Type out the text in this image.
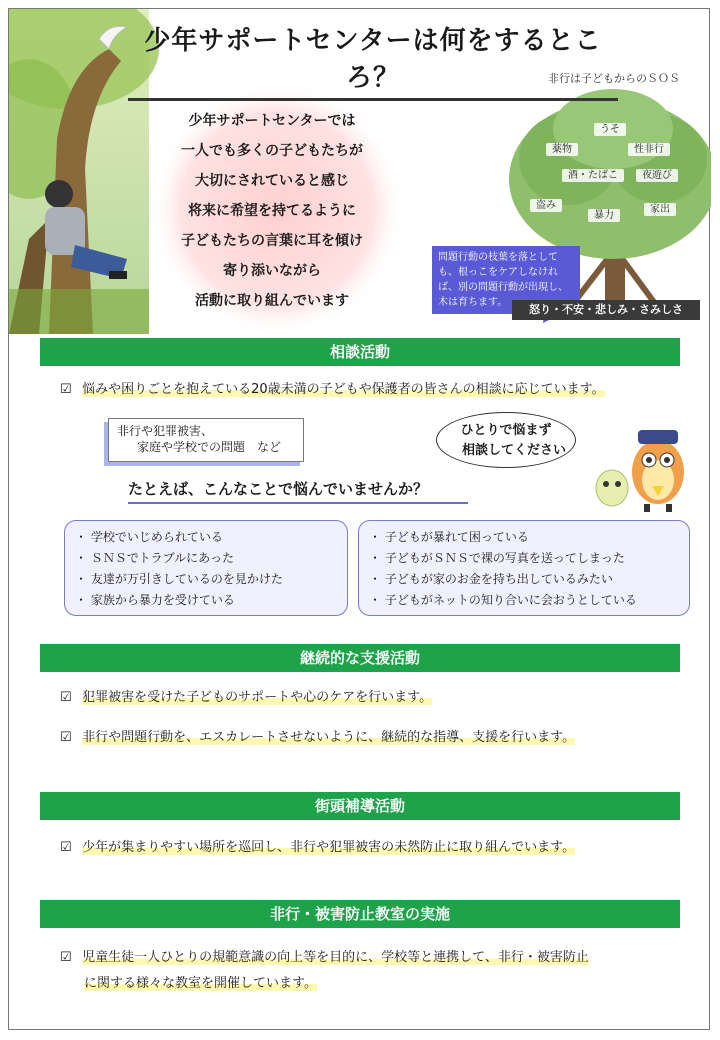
少年サポートセンターは何をするところ？	非行は子どもからのＳＯＳ
少年サポートセンターでは
一人でも多くの子どもたちが
大切にされていると感じ
将来に希望を持てるように
子どもたちの言葉に耳を傾け
寄り添いながら
活動に取り組んでいます
うそ
薬物	性非行
酒・たばこ	夜遊び
盗み
暴力
家出
問題行動の枝葉を落としても、根っこをケアしなければ、別の問題行動が出現し、木は育ちます。
怒り・不安・悲しみ・さみしさ
相談活動
☑ 悩みや困りごとを抱えている20歳未満の子どもや保護者の皆さんの相談に応じています。
非行や犯罪被害、
家庭や学校での問題　など
ひとりで悩まず
相談してください
たとえば、こんなことで悩んでいませんか？
・ 学校でいじめられている
・ ＳＮＳでトラブルにあった
・ 友達が万引きしているのを見かけた
・ 家族から暴力を受けている
・ 子どもが暴れて困っている
・ 子どもがＳＮＳで裸の写真を送ってしまった
・ 子どもが家のお金を持ち出しているみたい
・ 子どもがネットの知り合いに会おうとしている
継続的な支援活動
☑ 犯罪被害を受けた子どものサポートや心のケアを行います。
☑ 非行や問題行動を、エスカレートさせないように、継続的な指導、支援を行います。
街頭補導活動
☑ 少年が集まりやすい場所を巡回し、非行や犯罪被害の未然防止に取り組んでいます。
非行・被害防止教室の実施
☑ 児童生徒一人ひとりの規範意識の向上等を目的に、学校等と連携して、非行・被害防止
に関する様々な教室を開催しています。
